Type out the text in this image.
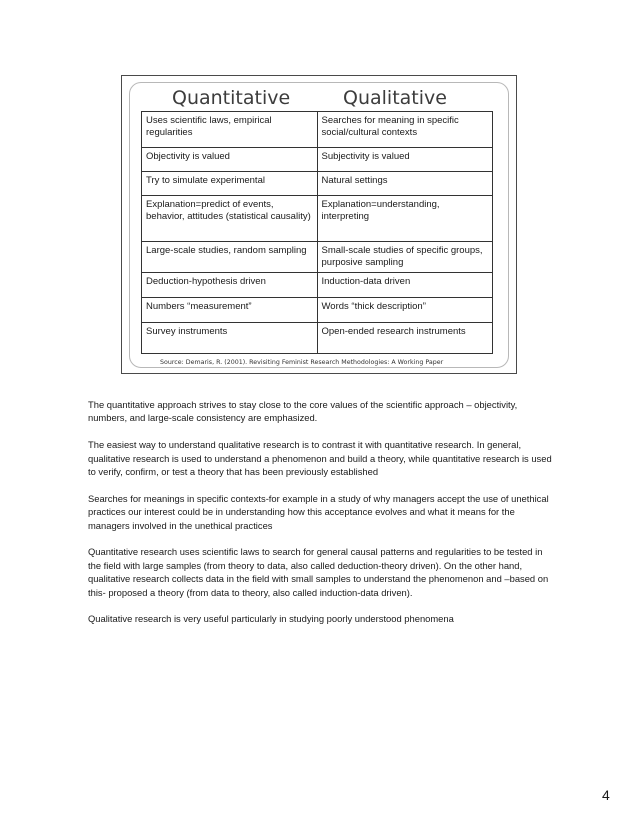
Quantitative	Qualitative
Uses scientific laws, empirical regularities	Searches for meaning in specific social/cultural contexts
Objectivity is valued	Subjectivity is valued
Try to simulate experimental	Natural settings
Explanation=predict of events, behavior, attitudes (statistical causality)	Explanation=understanding, interpreting
Large-scale studies, random sampling	Small-scale studies of specific groups, purposive sampling
Deduction-hypothesis driven	Induction-data driven
Numbers “measurement”	Words “thick description”
Survey instruments	Open-ended research instruments
Source: Demaris, R. (2001). Revisiting Feminist Research Methodologies: A Working Paper

The quantitative approach strives to stay close to the core values of the scientific approach – objectivity, numbers, and large-scale consistency are emphasized.

The easiest way to understand qualitative research is to contrast it with quantitative research. In general, qualitative research is used to understand a phenomenon and build a theory, while quantitative research is used to verify, confirm, or test a theory that has been previously established

Searches for meanings in specific contexts-for example in a study of why managers accept the use of unethical practices our interest could be in understanding how this acceptance evolves and what it means for the managers involved in the unethical practices

Quantitative research uses scientific laws to search for general causal patterns and regularities to be tested in the field with large samples (from theory to data, also called deduction-theory driven). On the other hand, qualitative research collects data in the field with small samples to understand the phenomenon and –based on this- proposed a theory (from data to theory, also called induction-data driven).

Qualitative research is very useful particularly in studying poorly understood phenomena

4
